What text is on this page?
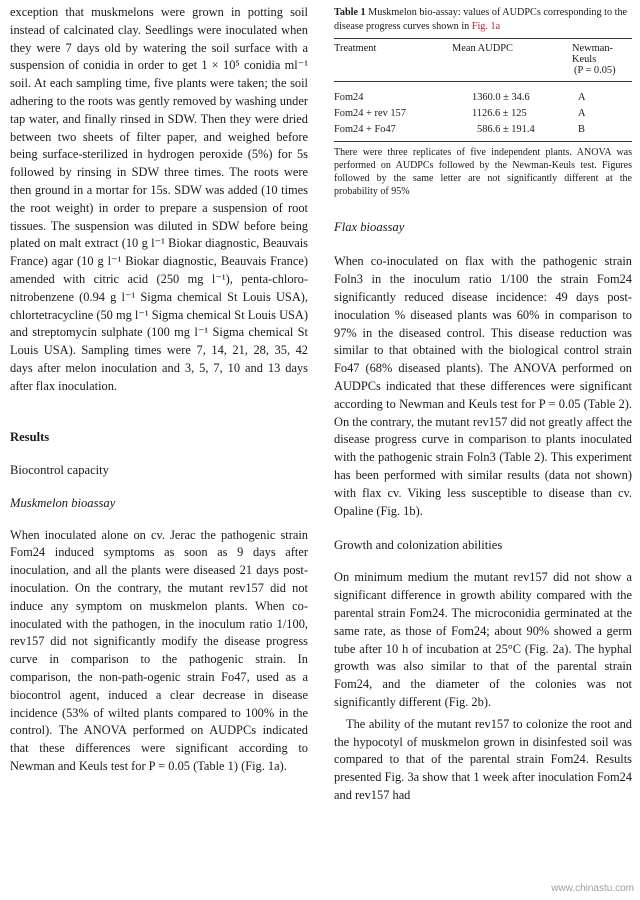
exception that muskmelons were grown in potting soil instead of calcinated clay. Seedlings were inoculated when they were 7 days old by watering the soil surface with a suspension of conidia in order to get 1 × 10⁵ conidia ml⁻¹ soil. At each sampling time, five plants were taken; the soil adhering to the roots was gently removed by washing under tap water, and finally rinsed in SDW. Then they were dried between two sheets of filter paper, and weighed before being surface-sterilized in hydrogen peroxide (5%) for 5s followed by rinsing in SDW three times. The roots were then ground in a mortar for 15s. SDW was added (10 times the root weight) in order to prepare a suspension of root tissues. The suspension was diluted in SDW before being plated on malt extract (10 g l⁻¹ Biokar diagnostic, Beauvais France) agar (10 g l⁻¹ Biokar diagnostic, Beauvais France) amended with citric acid (250 mg l⁻¹), penta-chloro-nitrobenzene (0.94 g l⁻¹ Sigma chemical St Louis USA), chlortetracycline (50 mg l⁻¹ Sigma chemical St Louis USA) and streptomycin sulphate (100 mg l⁻¹ Sigma chemical St Louis USA). Sampling times were 7, 14, 21, 28, 35, 42 days after melon inoculation and 3, 5, 7, 10 and 13 days after flax inoculation.

Results

Biocontrol capacity

Muskmelon bioassay

When inoculated alone on cv. Jerac the pathogenic strain Fom24 induced symptoms as soon as 9 days after inoculation, and all the plants were diseased 21 days post-inoculation. On the contrary, the mutant rev157 did not induce any symptom on muskmelon plants. When co-inoculated with the pathogen, in the inoculum ratio 1/100, rev157 did not significantly modify the disease progress curve in comparison to the pathogenic strain. In comparison, the non-path-ogenic strain Fo47, used as a biocontrol agent, induced a clear decrease in disease incidence (53% of wilted plants compared to 100% in the control). The ANOVA performed on AUDPCs indicated that these differences were significant according to Newman and Keuls test for P = 0.05 (Table 1) (Fig. 1a).

Table 1 Muskmelon bio-assay: values of AUDPCs corresponding to the disease progress curves shown in Fig. 1a

Treatment	Mean AUDPC	Newman-Keuls
		(P = 0.05)
Fom24	1360.0 ± 34.6	A
Fom24 + rev 157	1126.6 ± 125	A
Fom24 + Fo47	586.6 ± 191.4	B

There were three replicates of five independent plants. ANOVA was performed on AUDPCs followed by the Newman-Keuls test. Figures followed by the same letter are not significantly different at the probability of 95%

Flax bioassay

When co-inoculated on flax with the pathogenic strain Foln3 in the inoculum ratio 1/100 the strain Fom24 significantly reduced disease incidence: 49 days post-inoculation % diseased plants was 60% in comparison to 97% in the diseased control. This disease reduction was similar to that obtained with the biological control strain Fo47 (68% diseased plants). The ANOVA performed on AUDPCs indicated that these differences were significant according to Newman and Keuls test for P = 0.05 (Table 2). On the contrary, the mutant rev157 did not greatly affect the disease progress curve in comparison to plants inoculated with the pathogenic strain Foln3 (Table 2). This experiment has been performed with similar results (data not shown) with flax cv. Viking less susceptible to disease than cv. Opaline (Fig. 1b).

Growth and colonization abilities

On minimum medium the mutant rev157 did not show a significant difference in growth ability compared with the parental strain Fom24. The microconidia germinated at the same rate, as those of Fom24; about 90% showed a germ tube after 10 h of incubation at 25°C (Fig. 2a). The hyphal growth was also similar to that of the parental strain Fom24, and the diameter of the colonies was not significantly different (Fig. 2b).

The ability of the mutant rev157 to colonize the root and the hypocotyl of muskmelon grown in disinfested soil was compared to that of the parental strain Fom24. Results presented Fig. 3a show that 1 week after inoculation Fom24 and rev157 had

www.chinastu.com
